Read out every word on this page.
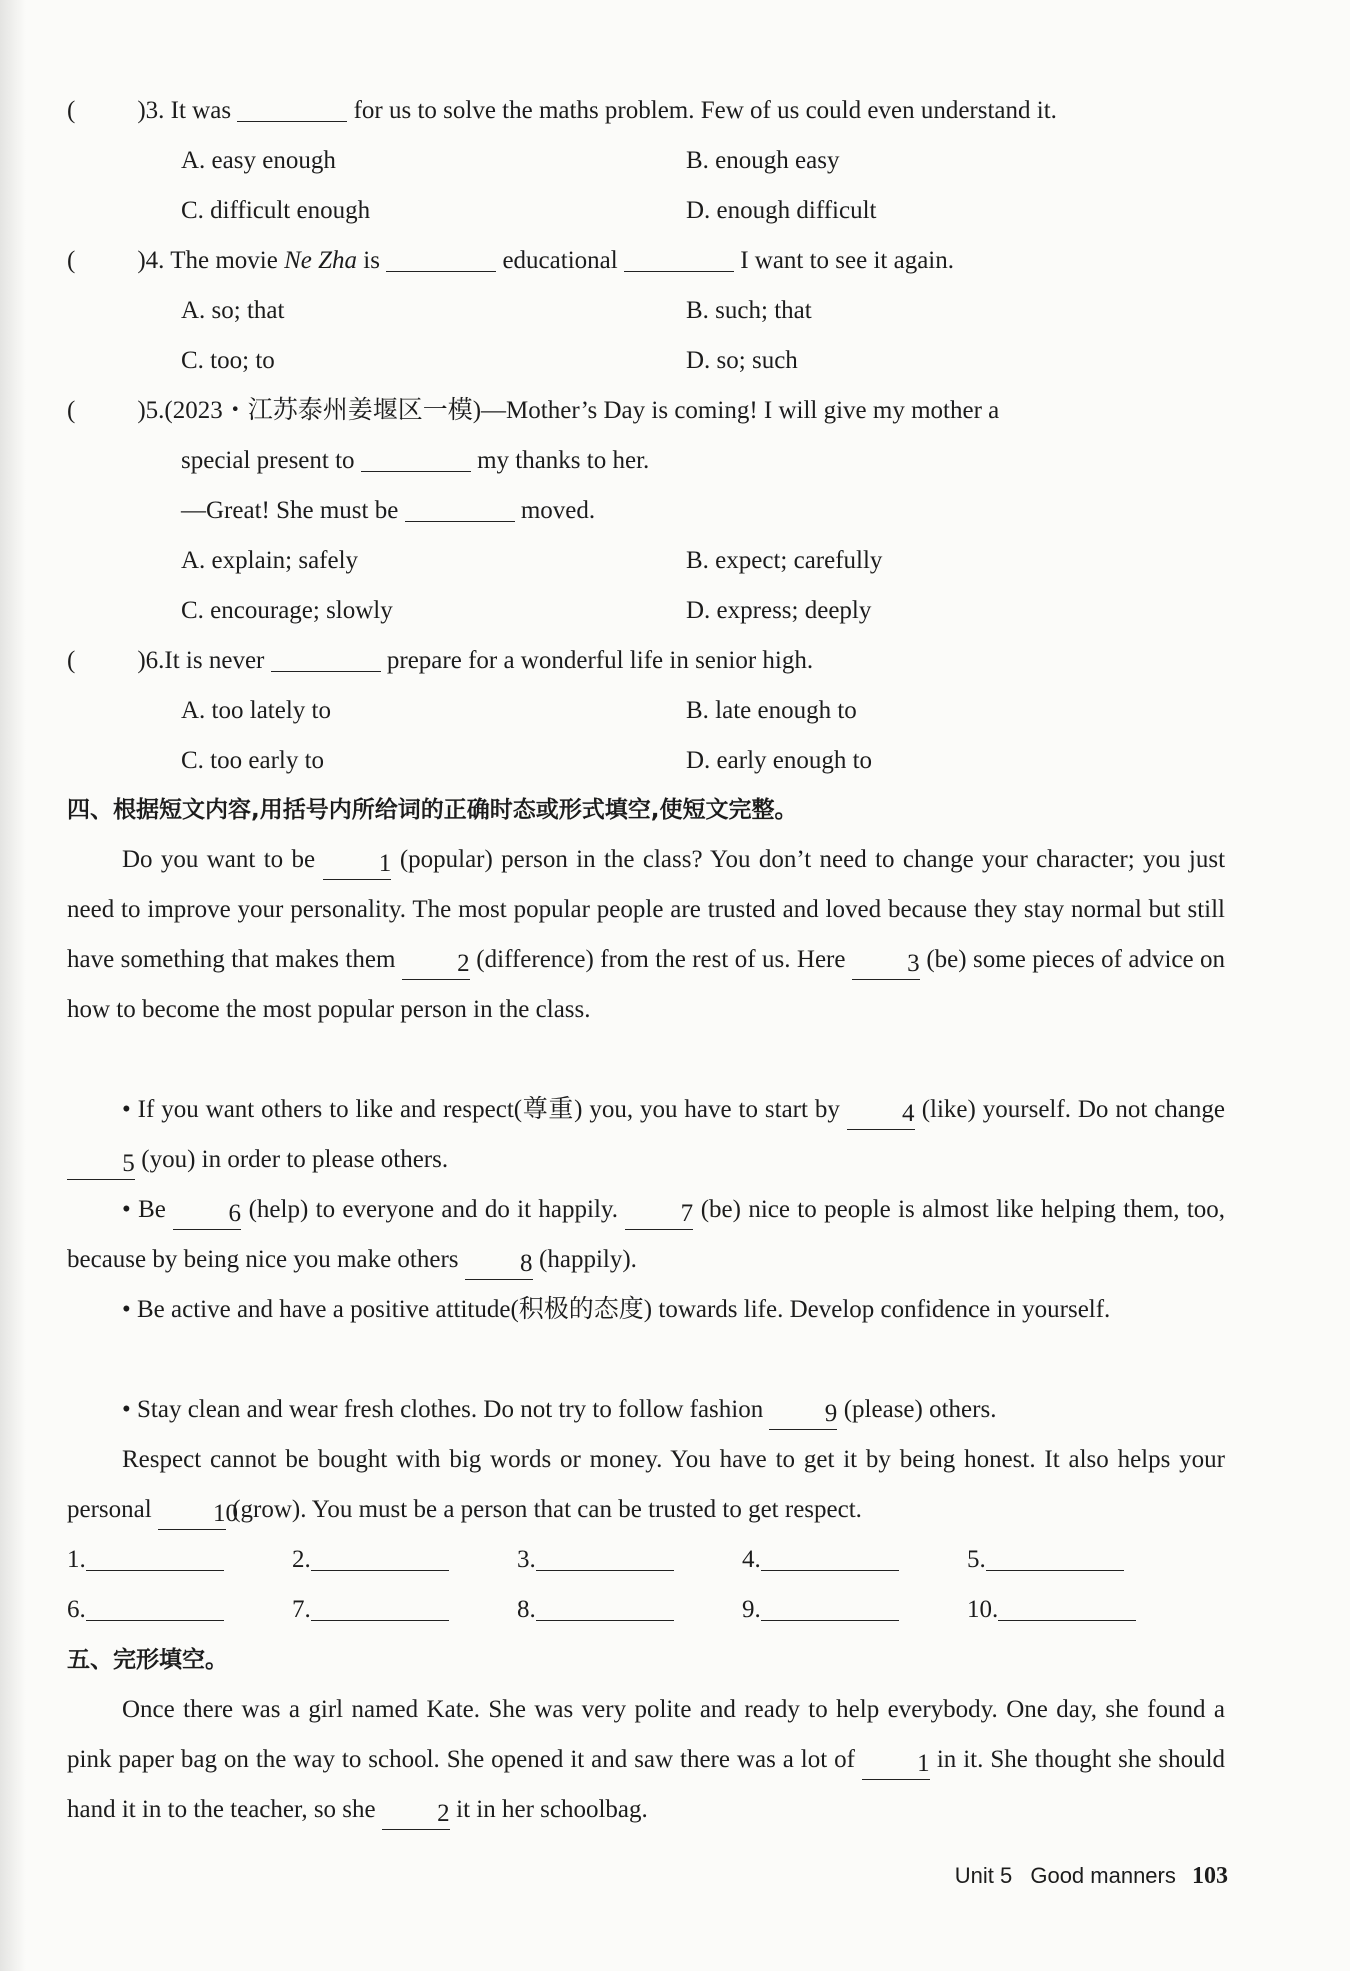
( )3. It was	for us to solve the maths problem. Few of us could even understand it.
A. easy enough	B. enough easy
C. difficult enough	D. enough difficult
( )4. The movie Ne Zha is	educational	I want to see it again.
A. so; that	B. such; that
C. too; to	D. so; such
( )5.(2023・江苏泰州姜堰区一模)—Mother’s Day is coming! I will give my mother a
special present to	my thanks to her.
—Great! She must be	moved.
A. explain; safely	B. expect; carefully
C. encourage; slowly	D. express; deeply
( )6.It is never	prepare for a wonderful life in senior high.
A. too lately to	B. late enough to
C. too early to	D. early enough to
四、根据短文内容,用括号内所给词的正确时态或形式填空,使短文完整。
Do you want to be	1 (popular) person in the class? You don’t need to change your character; you just need to improve your personality. The most popular people are trusted and loved because they stay normal but still have something that makes them 2 (difference) from the rest of us. Here 3 (be) some pieces of advice on how to become the most popular person in the class.
• If you want others to like and respect(尊重) you, you have to start by 4 (like) yourself. Do not change 5 (you) in order to please others.
• Be	6 (help) to everyone and do it happily.	7 (be) nice to people is almost like helping them, too, because by being nice you make others 8 (happily).
• Be active and have a positive attitude(积极的态度) towards life. Develop confidence in yourself.
• Stay clean and wear fresh clothes. Do not try to follow fashion 9 (please) others.
Respect cannot be bought with big words or money. You have to get it by being honest. It also helps your personal 10 (grow). You must be a person that can be trusted to get respect.
1.	2.	3.	4.	5.
6.	7.	8.	9.	10.
五、完形填空。
Once there was a girl named Kate. She was very polite and ready to help everybody. One day, she found a pink paper bag on the way to school. She opened it and saw there was a lot of 1 in it. She thought she should hand it in to the teacher, so she 2 it in her schoolbag.
Unit 5 Good manners 103
